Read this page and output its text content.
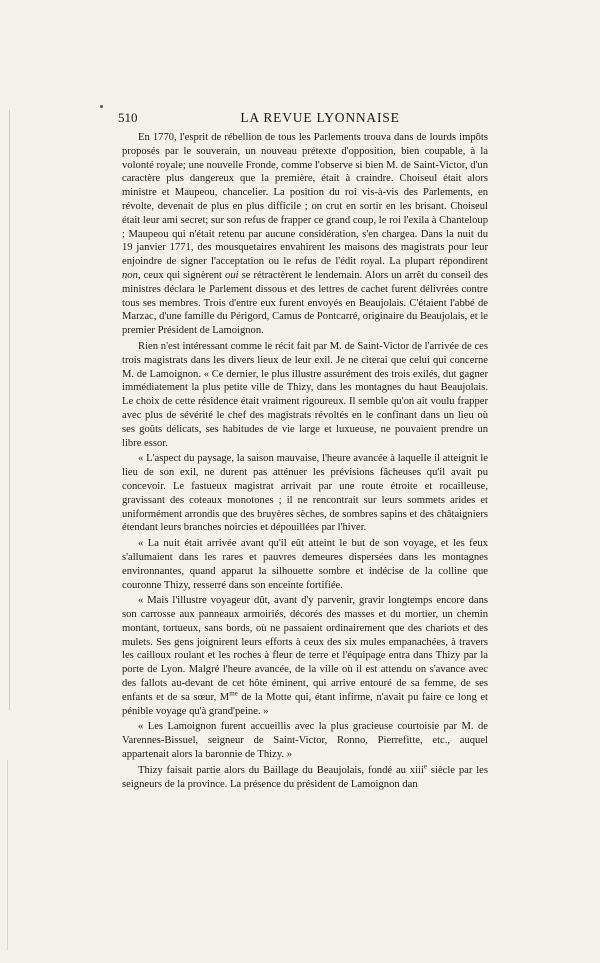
510	LA REVUE LYONNAISE

En 1770, l'esprit de rébellion de tous les Parlements trouva dans de lourds impôts proposés par le souverain, un nouveau prétexte d'opposition, bien coupable, à la volonté royale; une nouvelle Fronde, comme l'observe si bien M. de Saint-Victor, d'un caractère plus dangereux que la première, était à craindre. Choiseul était alors ministre et Maupeou, chancelier. La position du roi vis-à-vis des Parlements, en révolte, devenait de plus en plus difficile ; on crut en sortir en les brisant. Choiseul était leur ami secret; sur son refus de frapper ce grand coup, le roi l'exila à Chanteloup ; Maupeou qui n'était retenu par aucune considération, s'en chargea. Dans la nuit du 19 janvier 1771, des mousquetaires envahirent les maisons des magistrats pour leur enjoindre de signer l'acceptation ou le refus de l'édit royal. La plupart répondirent non, ceux qui signèrent oui se rétractèrent le lendemain. Alors un arrêt du conseil des ministres déclara le Parlement dissous et des lettres de cachet furent délivrées contre tous ses membres. Trois d'entre eux furent envoyés en Beaujolais. C'étaient l'abbé de Marzac, d'une famille du Périgord, Camus de Pontcarré, originaire du Beaujolais, et le premier Président de Lamoignon.

Rien n'est intéressant comme le récit fait par M. de Saint-Victor de l'arrivée de ces trois magistrats dans les divers lieux de leur exil. Je ne citerai que celui qui concerne M. de Lamoignon. « Ce dernier, le plus illustre assurément des trois exilés, dut gagner immédiatement la plus petite ville de Thizy, dans les montagnes du haut Beaujolais. Le choix de cette résidence était vraiment rigoureux. Il semble qu'on ait voulu frapper avec plus de sévérité le chef des magistrats révoltés en le confinant dans un lieu où ses goûts délicats, ses habitudes de vie large et luxueuse, ne pouvaient prendre un libre essor.

« L'aspect du paysage, la saison mauvaise, l'heure avancée à laquelle il atteignit le lieu de son exil, ne durent pas atténuer les prévisions fâcheuses qu'il avait pu concevoir. Le fastueux magistrat arrivait par une route étroite et rocailleuse, gravissant des coteaux monotones ; il ne rencontrait sur leurs sommets arides et uniformément arrondis que des bruyères sèches, de sombres sapins et des châtaigniers étendant leurs branches noircies et dépouillées par l'hiver.

« La nuit était arrivée avant qu'il eût atteint le but de son voyage, et les feux s'allumaient dans les rares et pauvres demeures dispersées dans les montagnes environnantes, quand apparut la silhouette sombre et indécise de la colline que couronne Thizy, resserré dans son enceinte fortifiée.

« Mais l'illustre voyageur dût, avant d'y parvenir, gravir longtemps encore dans son carrosse aux panneaux armoiriés, décorés des masses et du mortier, un chemin montant, tortueux, sans bords, où ne passaient ordinairement que des chariots et des mulets. Ses gens joignirent leurs efforts à ceux des six mules empanachées, à travers les cailloux roulant et les roches à fleur de terre et l'équipage entra dans Thizy par la porte de Lyon. Malgré l'heure avancée, de la ville où il est attendu on s'avance avec des fallots au-devant de cet hôte éminent, qui arrive entouré de sa femme, de ses enfants et de sa sœur, $M^{me}$ de la Motte qui, étant infirme, n'avait pu faire ce long et pénible voyage qu'à grand'peine. »

« Les Lamoignon furent accueillis avec la plus gracieuse courtoisie par M. de Varennes-Bissuel, seigneur de Saint-Victor, Ronno, Pierrefitte, etc., auquel appartenait alors la baronnie de Thizy. »

Thizy faisait partie alors du Baillage du Beaujolais, fondé au xiii$^e$ siècle par les seigneurs de la province. La présence du président de Lamoignon dan
